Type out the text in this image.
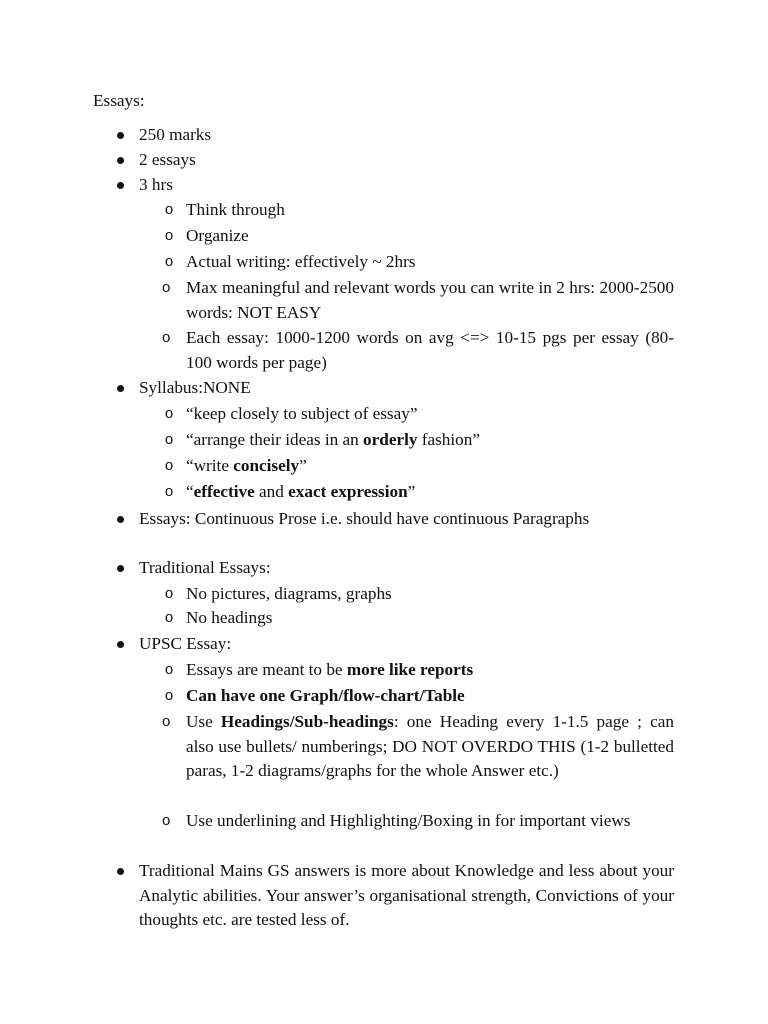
Essays:
250 marks
2 essays
3 hrs
o Think through
o Organize
o Actual writing: effectively ~ 2hrs
o Max meaningful and relevant words you can write in 2 hrs: 2000-2500 words: NOT EASY
o Each essay: 1000-1200 words on avg <=> 10-15 pgs per essay (80-100 words per page)
Syllabus:NONE
o “keep closely to subject of essay”
o “arrange their ideas in an orderly fashion”
o “write concisely”
o “effective and exact expression”
Essays: Continuous Prose i.e. should have continuous Paragraphs
Traditional Essays:
o No pictures, diagrams, graphs
o No headings
UPSC Essay:
o Essays are meant to be more like reports
o Can have one Graph/flow-chart/Table
o Use Headings/Sub-headings: one Heading every 1-1.5 page ; can also use bullets/ numberings; DO NOT OVERDO THIS (1-2 bulletted paras, 1-2 diagrams/graphs for the whole Answer etc.)
o Use underlining and Highlighting/Boxing in for important views
Traditional Mains GS answers is more about Knowledge and less about your Analytic abilities. Your answer’s organisational strength, Convictions of your thoughts etc. are tested less of.
